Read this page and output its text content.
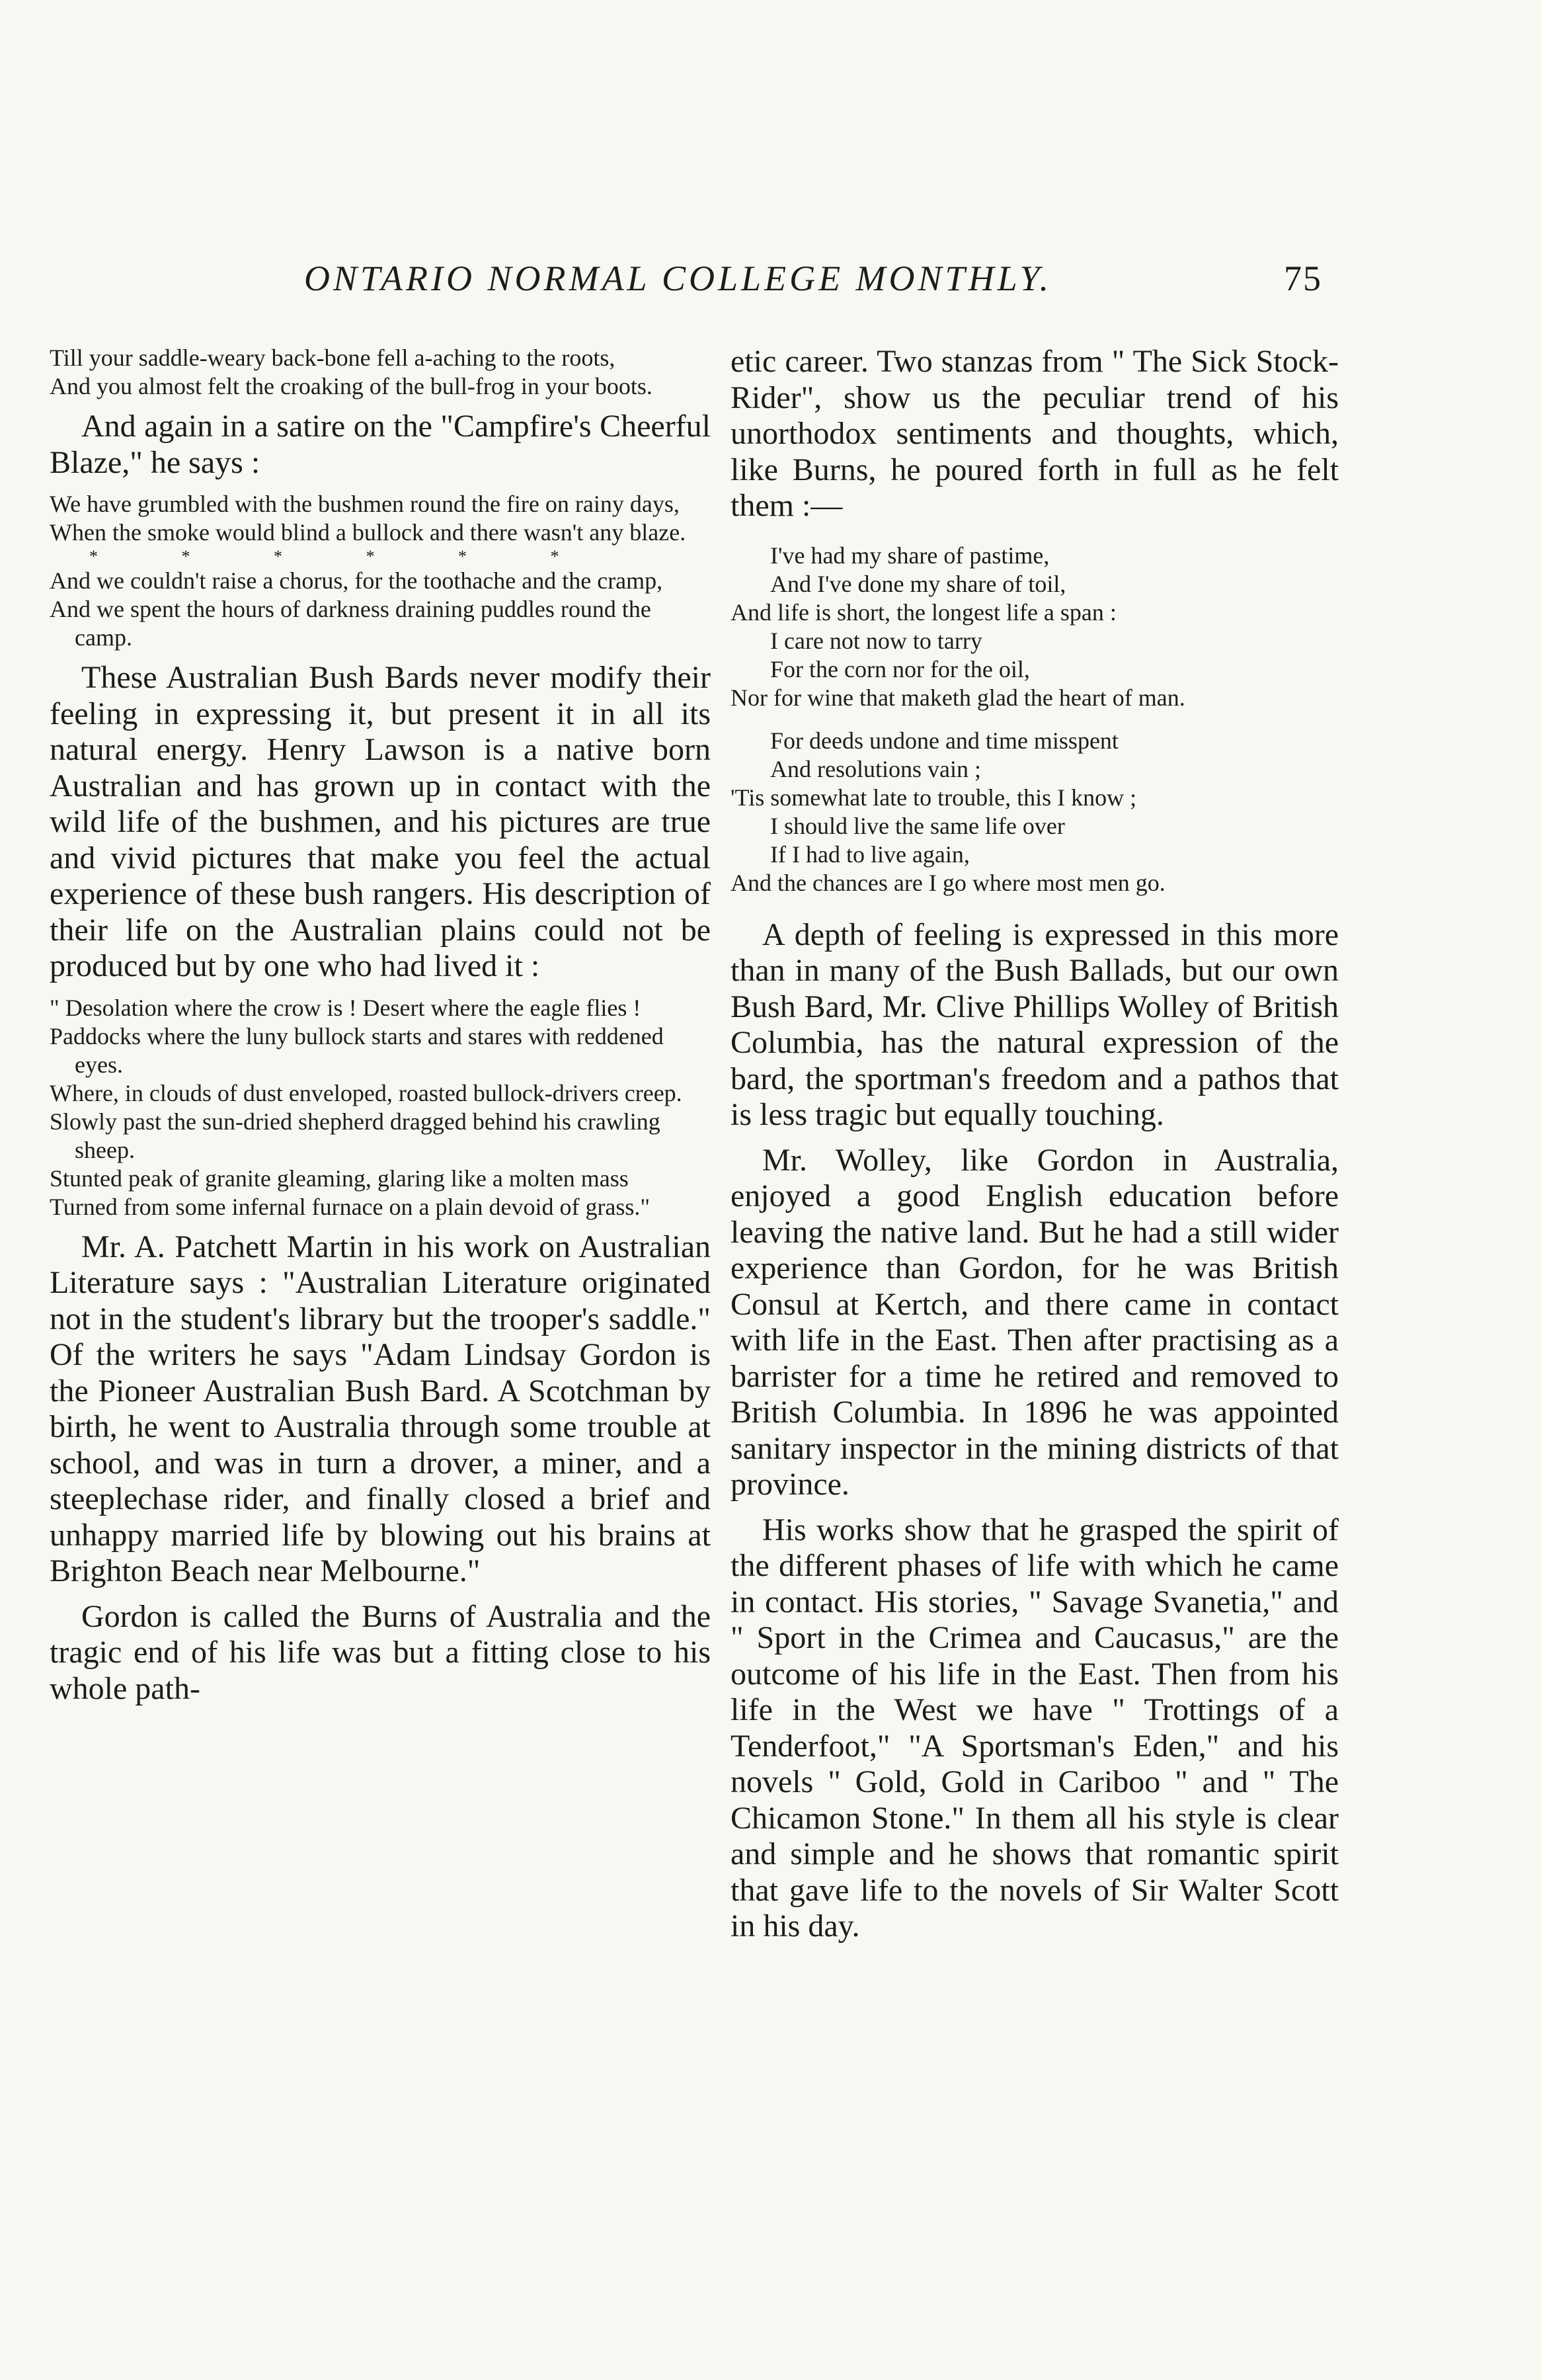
ONTARIO NORMAL COLLEGE MONTHLY.	75
Till your saddle-weary back-bone fell a-aching to the roots,
And you almost felt the croaking of the bull-frog in your boots.

And again in a satire on the "Campfire's Cheerful Blaze," he says :

We have grumbled with the bushmen round the fire on rainy days,
When the smoke would blind a bullock and there wasn't any blaze.
* * * * * *
And we couldn't raise a chorus, for the toothache and the cramp,
And we spent the hours of darkness draining puddles round the camp.

These Australian Bush Bards never modify their feeling in expressing it, but present it in all its natural energy. Henry Lawson is a native born Australian and has grown up in contact with the wild life of the bushmen, and his pictures are true and vivid pictures that make you feel the actual experience of these bush rangers. His description of their life on the Australian plains could not be produced but by one who had lived it :

" Desolation where the crow is ! Desert where the eagle flies !
Paddocks where the luny bullock starts and stares with reddened eyes.
Where, in clouds of dust enveloped, roasted bullock-drivers creep.
Slowly past the sun-dried shepherd dragged behind his crawling sheep.
Stunted peak of granite gleaming, glaring like a molten mass
Turned from some infernal furnace on a plain devoid of grass."

Mr. A. Patchett Martin in his work on Australian Literature says : "Australian Literature originated not in the student's library but the trooper's saddle." Of the writers he says "Adam Lindsay Gordon is the Pioneer Australian Bush Bard. A Scotchman by birth, he went to Australia through some trouble at school, and was in turn a drover, a miner, and a steeplechase rider, and finally closed a brief and unhappy married life by blowing out his brains at Brighton Beach near Melbourne."

Gordon is called the Burns of Australia and the tragic end of his life was but a fitting close to his whole path-

etic career. Two stanzas from " The Sick Stock-Rider", show us the peculiar trend of his unorthodox sentiments and thoughts, which, like Burns, he poured forth in full as he felt them :—

I've had my share of pastime,
And I've done my share of toil,
And life is short, the longest life a span :
I care not now to tarry
For the corn nor for the oil,
Nor for wine that maketh glad the heart of man.
For deeds undone and time misspent
And resolutions vain ;
'Tis somewhat late to trouble, this I know ;
I should live the same life over
If I had to live again,
And the chances are I go where most men go.

A depth of feeling is expressed in this more than in many of the Bush Ballads, but our own Bush Bard, Mr. Clive Phillips Wolley of British Columbia, has the natural expression of the bard, the sportman's freedom and a pathos that is less tragic but equally touching.

Mr. Wolley, like Gordon in Australia, enjoyed a good English education before leaving the native land. But he had a still wider experience than Gordon, for he was British Consul at Kertch, and there came in contact with life in the East. Then after practising as a barrister for a time he retired and removed to British Columbia. In 1896 he was appointed sanitary inspector in the mining districts of that province.

His works show that he grasped the spirit of the different phases of life with which he came in contact. His stories, " Savage Svanetia," and " Sport in the Crimea and Caucasus," are the outcome of his life in the East. Then from his life in the West we have " Trottings of a Tenderfoot," "A Sportsman's Eden," and his novels " Gold, Gold in Cariboo " and " The Chicamon Stone." In them all his style is clear and simple and he shows that romantic spirit that gave life to the novels of Sir Walter Scott in his day.
